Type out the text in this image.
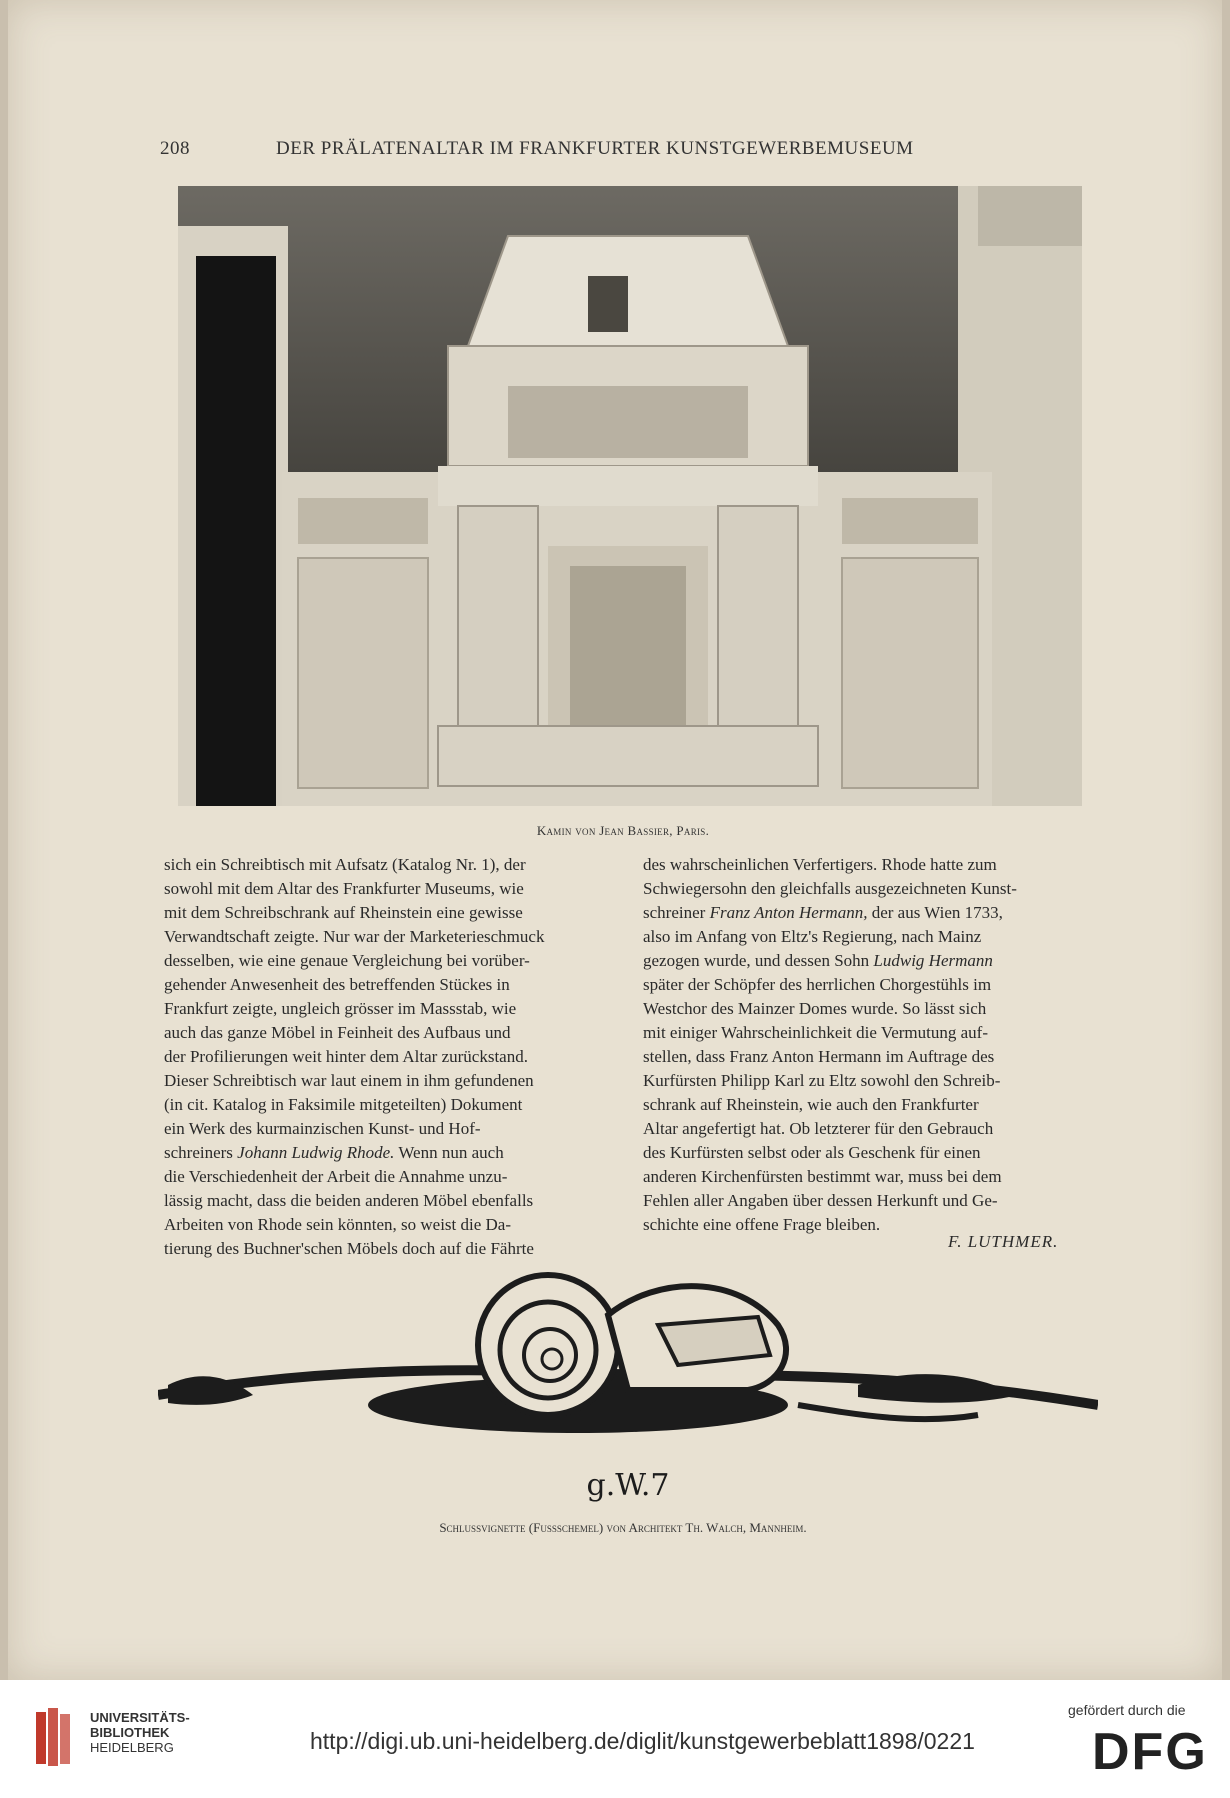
208	DER PRÄLATENALTAR IM FRANKFURTER KUNSTGEWERBEMUSEUM
Kamin von Jean Bassier, Paris.

sich ein Schreibtisch mit Aufsatz (Katalog Nr. 1), der

sowohl mit dem Altar des Frankfurter Museums, wie

mit dem Schreibschrank auf Rheinstein eine gewisse

Verwandtschaft zeigte. Nur war der Marketerieschmuck

desselben, wie eine genaue Vergleichung bei vorüber-

gehender Anwesenheit des betreffenden Stückes in

Frankfurt zeigte, ungleich grösser im Massstab, wie

auch das ganze Möbel in Feinheit des Aufbaus und

der Profilierungen weit hinter dem Altar zurückstand.

Dieser Schreibtisch war laut einem in ihm gefundenen

(in cit. Katalog in Faksimile mitgeteilten) Dokument

ein Werk des kurmainzischen Kunst- und Hof-

schreiners Johann Ludwig Rhode. Wenn nun auch

die Verschiedenheit der Arbeit die Annahme unzu-

lässig macht, dass die beiden anderen Möbel ebenfalls

Arbeiten von Rhode sein könnten, so weist die Da-

tierung des Buchner'schen Möbels doch auf die Fährte

des wahrscheinlichen Verfertigers. Rhode hatte zum

Schwiegersohn den gleichfalls ausgezeichneten Kunst-

schreiner Franz Anton Hermann, der aus Wien 1733,

also im Anfang von Eltz's Regierung, nach Mainz

gezogen wurde, und dessen Sohn Ludwig Hermann

später der Schöpfer des herrlichen Chorgestühls im

Westchor des Mainzer Domes wurde. So lässt sich

mit einiger Wahrscheinlichkeit die Vermutung auf-

stellen, dass Franz Anton Hermann im Auftrage des

Kurfürsten Philipp Karl zu Eltz sowohl den Schreib-

schrank auf Rheinstein, wie auch den Frankfurter

Altar angefertigt hat. Ob letzterer für den Gebrauch

des Kurfürsten selbst oder als Geschenk für einen

anderen Kirchenfürsten bestimmt war, muss bei dem

Fehlen aller Angaben über dessen Herkunft und Ge-

schichte eine offene Frage bleiben.

F. LUTHMER.
g.W.7
Schlussvignette (Fussschemel) von Architekt Th. Walch, Mannheim.
UNIVERSITÄTS-
BIBLIOTHEK
HEIDELBERG	http://digi.ub.uni-heidelberg.de/diglit/kunstgewerbeblatt1898/0221
gefördert durch die
DFG
